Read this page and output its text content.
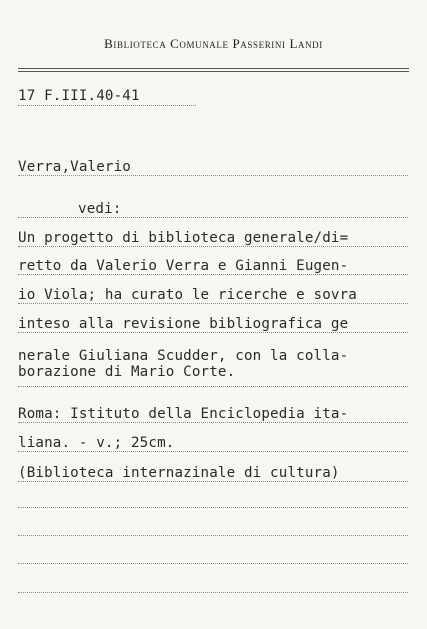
Biblioteca Comunale Passerini Landi
17 F.III.40-41
Verra,Valerio
vedi:
Un progetto di biblioteca generale/di=
retto da Valerio Verra e Gianni Eugen-
io Viola; ha curato le ricerche e sovra
inteso alla revisione bibliografica ge
nerale Giuliana Scudder, con la colla-
borazione di Mario Corte.
Roma: Istituto della Enciclopedia ita-
liana. - v.; 25cm.
(Biblioteca internazinale di cultura)
